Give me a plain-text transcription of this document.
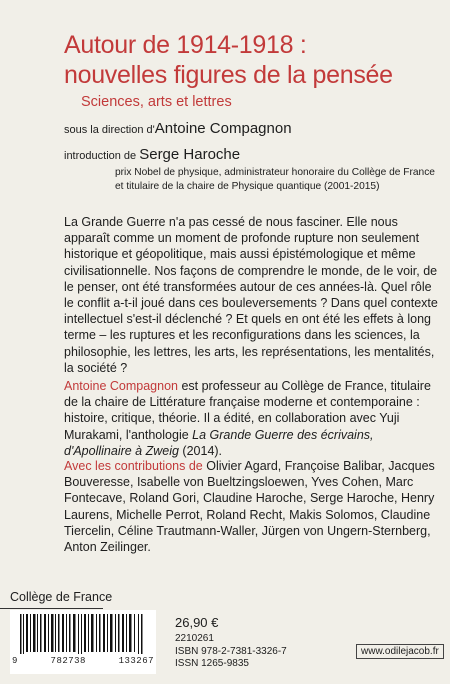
Autour de 1914-1918 :
nouvelles figures de la pensée
Sciences, arts et lettres
sous la direction d'Antoine Compagnon
introduction de Serge Haroche
prix Nobel de physique, administrateur honoraire du Collège de France
et titulaire de la chaire de Physique quantique (2001-2015)
La Grande Guerre n'a pas cessé de nous fasciner. Elle nous apparaît comme un moment de profonde rupture non seulement historique et géopolitique, mais aussi épistémologique et même civilisationnelle. Nos façons de comprendre le monde, de le voir, de le penser, ont été transformées autour de ces années-là. Quel rôle le conflit a-t-il joué dans ces bouleversements ? Dans quel contexte intellectuel s'est-il déclenché ? Et quels en ont été les effets à long terme – les ruptures et les reconfigurations dans les sciences, la philosophie, les lettres, les arts, les représentations, les mentalités, la société ?
Antoine Compagnon est professeur au Collège de France, titulaire de la chaire de Littérature française moderne et contemporaine : histoire, critique, théorie. Il a édité, en collaboration avec Yuji Murakami, l'anthologie La Grande Guerre des écrivains, d'Apollinaire à Zweig (2014).
Avec les contributions de Olivier Agard, Françoise Balibar, Jacques Bouveresse, Isabelle von Bueltzingsloewen, Yves Cohen, Marc Fontecave, Roland Gori, Claudine Haroche, Serge Haroche, Henry Laurens, Michelle Perrot, Roland Recht, Makis Solomos, Claudine Tiercelin, Céline Trautmann-Waller, Jürgen von Ungern-Sternberg, Anton Zeilinger.
Collège de France
9	782738	133267
26,90 €
2210261
ISBN 978-2-7381-3326-7
ISSN 1265-9835
www.odilejacob.fr
